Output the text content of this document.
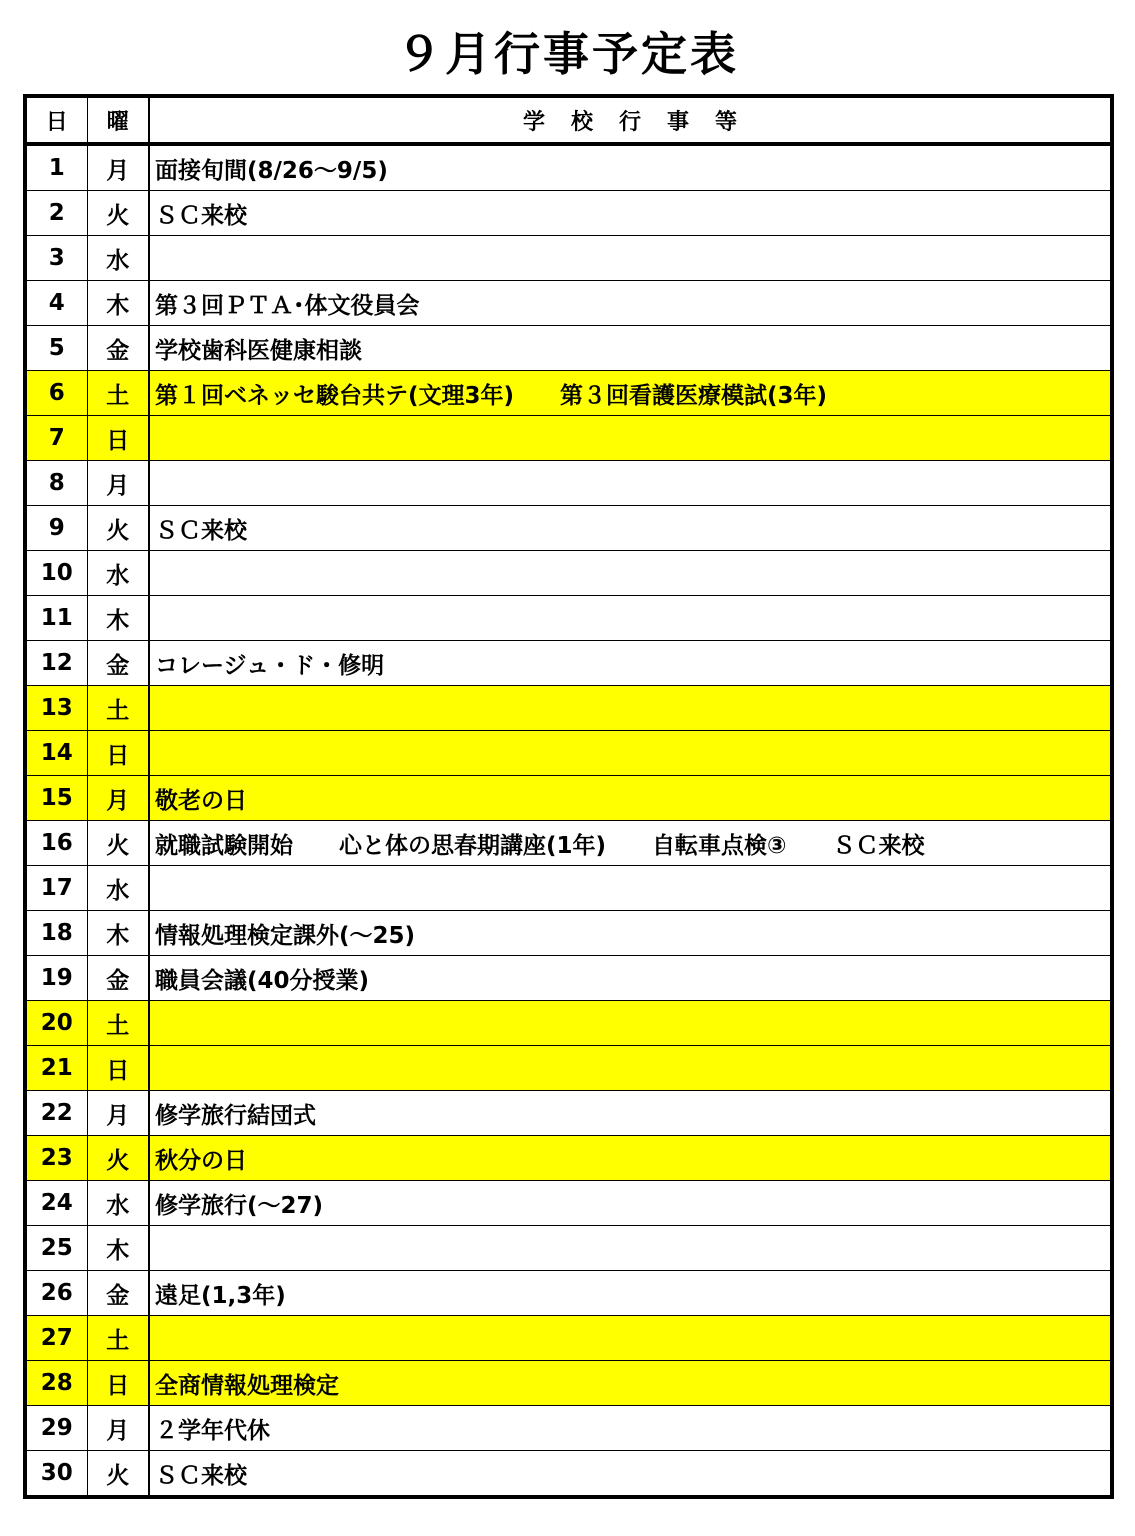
９月行事予定表
日	曜	学校行事等
1	月	面接旬間(8/26～9/5)
2	火	ＳＣ来校
3	水	
4	木	第３回ＰＴＡ･体文役員会
5	金	学校歯科医健康相談
6	土	第１回ベネッセ駿台共テ(文理3年)　　第３回看護医療模試(3年)
7	日	
8	月	
9	火	ＳＣ来校
10	水	
11	木	
12	金	コレージュ・ド・修明
13	土	
14	日	
15	月	敬老の日
16	火	就職試験開始　　心と体の思春期講座(1年)　　自転車点検③　　ＳＣ来校
17	水	
18	木	情報処理検定課外(～25)
19	金	職員会議(40分授業)
20	土	
21	日	
22	月	修学旅行結団式
23	火	秋分の日
24	水	修学旅行(～27)
25	木	
26	金	遠足(1,3年)
27	土	
28	日	全商情報処理検定
29	月	２学年代休
30	火	ＳＣ来校
